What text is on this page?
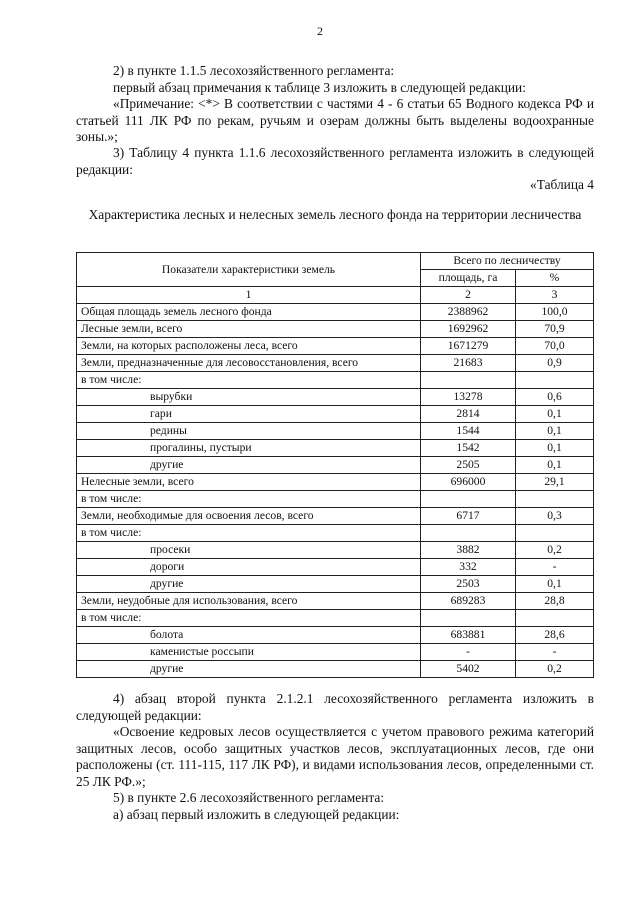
2

2) в пункте 1.1.5 лесохозяйственного регламента:

первый абзац примечания к таблице 3 изложить в следующей редакции:

«Примечание: <*> В соответствии с частями 4 - 6 статьи 65 Водного кодекса РФ и статьей 111 ЛК РФ по рекам, ручьям и озерам должны быть выделены водоохранные зоны.»;

3) Таблицу 4 пункта 1.1.6 лесохозяйственного регламента изложить в следующей редакции:

«Таблица 4
Характеристика лесных и нелесных земель лесного фонда на территории лесничества
Показатели характеристики земель	Всего по лесничеству	
	площадь, га	%
1	2	3
Общая площадь земель лесного фонда	2388962	100,0
Лесные земли, всего	1692962	70,9
Земли, на которых расположены леса, всего	1671279	70,0
Земли, предназначенные для лесовосстановления, всего	21683	0,9
в том числе:		
вырубки	13278	0,6
гари	2814	0,1
редины	1544	0,1
прогалины, пустыри	1542	0,1
другие	2505	0,1
Нелесные земли, всего	696000	29,1
в том числе:		
Земли, необходимые для освоения лесов, всего	6717	0,3
в том числе:		
просеки	3882	0,2
дороги	332	-
другие	2503	0,1
Земли, неудобные для использования, всего	689283	28,8
в том числе:		
болота	683881	28,6
каменистые россыпи	-	-
другие	5402	0,2

4) абзац второй пункта 2.1.2.1 лесохозяйственного регламента изложить в следующей редакции:

«Освоение кедровых лесов осуществляется с учетом правового режима категорий защитных лесов, особо защитных участков лесов, эксплуатационных лесов, где они расположены (ст. 111-115, 117 ЛК РФ), и видами использования лесов, определенными ст. 25 ЛК РФ.»;

5) в пункте 2.6 лесохозяйственного регламента:

а) абзац первый изложить в следующей редакции:
